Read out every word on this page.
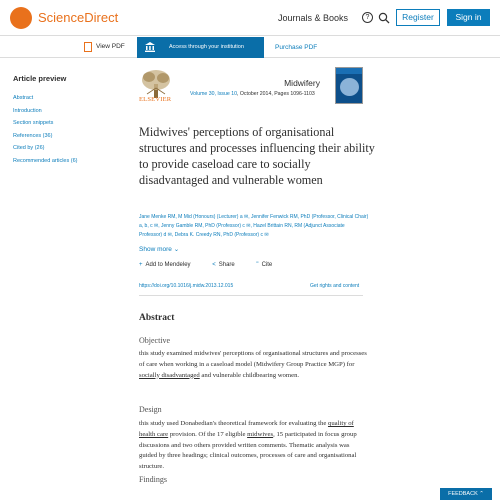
ScienceDirect	Journals & Books	?	Register	Sign in
View PDF	Access through your institution	Purchase PDF
Article preview
Abstract
Introduction
Section snippets
References (36)
Cited by (26)
Recommended articles (6)
ELSEVIER
Midwifery
Volume 30, Issue 10, October 2014, Pages 1096-1103
Midwives' perceptions of organisational structures and processes influencing their ability to provide caseload care to socially disadvantaged and vulnerable women
Jane Menke RM, M Mid (Honours) (Lecturer) a ✉, Jennifer Fenwick RM, PhD (Professor, Clinical Chair) a, b, c ✉, Jenny Gamble RM, PhD (Professor) c ✉, Hazel Brittain RN, RM (Adjunct Associate Professor) d ✉, Debra K. Creedy RN, PhD (Professor) c ✉
Show more ⌄
+ Add to Mendeley	< Share	" Cite
https://doi.org/10.1016/j.midw.2013.12.015	Get rights and content
Abstract
Objective
this study examined midwives' perceptions of organisational structures and processes of care when working in a caseload model (Midwifery Group Practice MGP) for socially disadvantaged and vulnerable childbearing women.
Design
this study used Donabedian's theoretical framework for evaluating the quality of health care provision. Of the 17 eligible midwives, 15 participated in focus group discussions and two others provided written comments. Thematic analysis was guided by three headings; clinical outcomes, processes of care and organisational structure.
Findings
FEEDBACK ⌃
